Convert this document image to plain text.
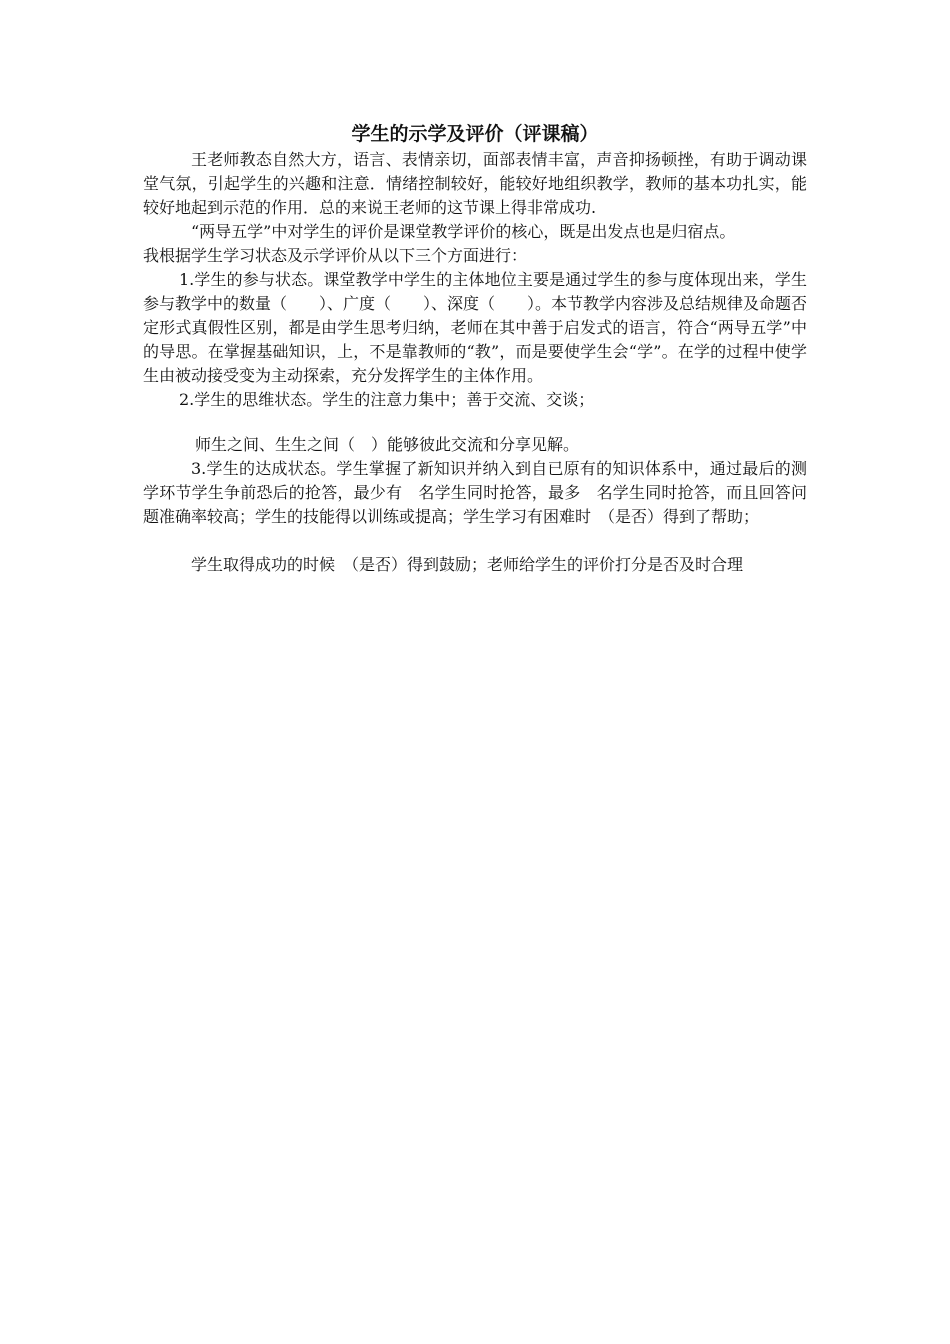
学生的示学及评价（评课稿）

王老师教态自然大方，语言、表情亲切，面部表情丰富，声音抑扬顿挫，有助于调动课堂气氛，引起学生的兴趣和注意．情绪控制较好，能较好地组织教学，教师的基本功扎实，能较好地起到示范的作用．总的来说王老师的这节课上得非常成功.

“两导五学”中对学生的评价是课堂教学评价的核心，既是出发点也是归宿点。

我根据学生学习状态及示学评价从以下三个方面进行：

1.学生的参与状态。课堂教学中学生的主体地位主要是通过学生的参与度体现出来，学生参与教学中的数量（　　）、广度（　　）、深度（　　）。本节教学内容涉及总结规律及命题否定形式真假性区别，都是由学生思考归纳，老师在其中善于启发式的语言，符合“两导五学”中的导思。在掌握基础知识，上，不是靠教师的“教”，而是要使学生会“学”。在学的过程中使学生由被动接受变为主动探索，充分发挥学生的主体作用。

2.学生的思维状态。学生的注意力集中；善于交流、交谈；

师生之间、生生之间（　）能够彼此交流和分享见解。

3.学生的达成状态。学生掌握了新知识并纳入到自已原有的知识体系中，通过最后的测学环节学生争前恐后的抢答，最少有　名学生同时抢答，最多　名学生同时抢答，而且回答问题准确率较高；学生的技能得以训练或提高；学生学习有困难时　（是否）得到了帮助；

学生取得成功的时候　（是否）得到鼓励；老师给学生的评价打分是否及时合理
